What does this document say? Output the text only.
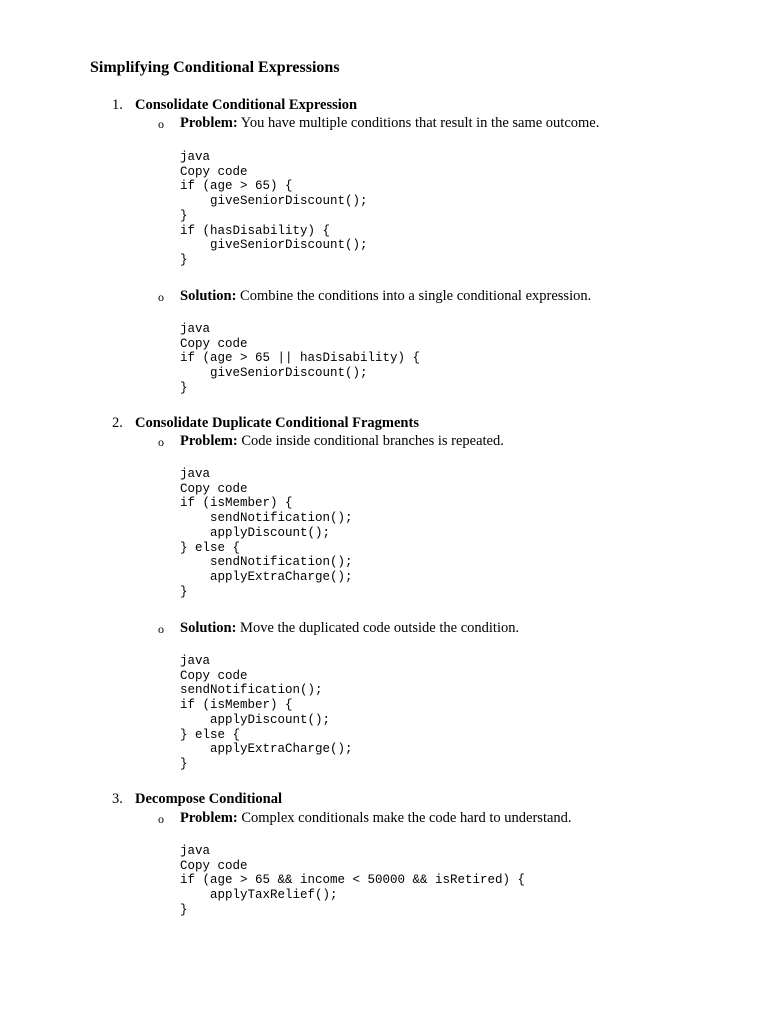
Simplifying Conditional Expressions
1. Consolidate Conditional Expression
o Problem: You have multiple conditions that result in the same outcome.
java
Copy code
if (age > 65) {
giveSeniorDiscount();
}
if (hasDisability) {
giveSeniorDiscount();
}
o Solution: Combine the conditions into a single conditional expression.
java
Copy code
if (age > 65 || hasDisability) {
giveSeniorDiscount();
}
2. Consolidate Duplicate Conditional Fragments
o Problem: Code inside conditional branches is repeated.
java
Copy code
if (isMember) {
sendNotification();
applyDiscount();
} else {
sendNotification();
applyExtraCharge();
}
o Solution: Move the duplicated code outside the condition.
java
Copy code
sendNotification();
if (isMember) {
applyDiscount();
} else {
applyExtraCharge();
}
3. Decompose Conditional
o Problem: Complex conditionals make the code hard to understand.
java
Copy code
if (age > 65 && income < 50000 && isRetired) {
applyTaxRelief();
}
